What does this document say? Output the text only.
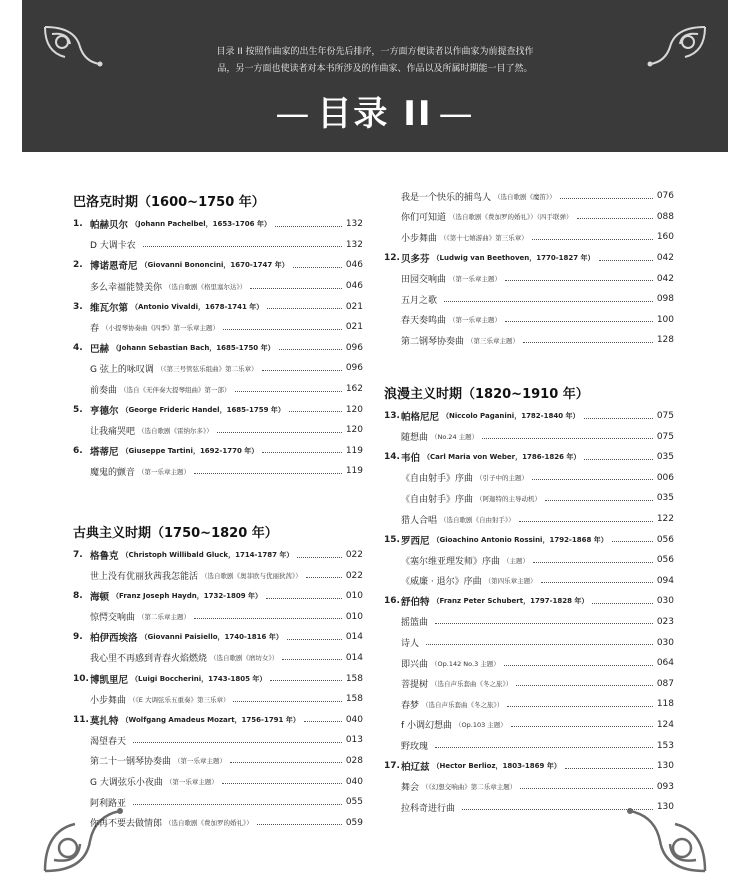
目录 II 按照作曲家的出生年份先后排序，一方面方便读者以作曲家为前提查找作
品，另一方面也使读者对本书所涉及的作曲家、作品以及所属时期能一目了然。
— 目录 II —
巴洛克时期（1600~1750 年）
1. 帕赫贝尔 （Johann Pachelbel，1653-1706 年）	132
D 大调卡农	132
2. 博诺恩奇尼 （Giovanni Bononcini，1670-1747 年）	046
多么幸福能赞美你 （选自歌剧《格里塞尔达》）	046
3. 维瓦尔第 （Antonio Vivaldi，1678-1741 年）	021
春 （小提琴协奏曲《四季》第一乐章主题）	021
4. 巴赫 （Johann Sebastian Bach，1685-1750 年）	096
G 弦上的咏叹调 （《第三号管弦乐组曲》第二乐章）	096
前奏曲 （选自《无伴奏大提琴组曲》第一部）	162
5. 亨德尔 （George Frideric Handel，1685-1759 年）	120
让我痛哭吧 （选自歌剧《雷纳尔多》）	120
6. 塔蒂尼 （Giuseppe Tartini，1692-1770 年）	119
魔鬼的颤音 （第一乐章主题）	119
古典主义时期（1750~1820 年）
7. 格鲁克 （Christoph Willibald Gluck，1714-1787 年）	022
世上没有优丽狄茜我怎能活 （选自歌剧《奥菲欧与优丽狄茜》）	022
8. 海顿 （Franz Joseph Haydn，1732-1809 年）	010
惊愕交响曲 （第二乐章主题）	010
9. 柏伊西埃洛 （Giovanni Paisiello，1740-1816 年）	014
我心里不再感到青春火焰燃烧 （选自歌剧《磨坊女》）	014
10. 博凯里尼 （Luigi Boccherini，1743-1805 年）	158
小步舞曲 （《E 大调弦乐五重奏》第三乐章）	158
11. 莫扎特 （Wolfgang Amadeus Mozart，1756-1791 年）	040
渴望春天	013
第二十一钢琴协奏曲 （第一乐章主题）	028
G 大调弦乐小夜曲 （第一乐章主题）	040
阿利路亚	055
你再不要去做情郎 （选自歌剧《费加罗的婚礼》）	059
我是一个快乐的捕鸟人 （选自歌剧《魔笛》）	076
你们可知道 （选自歌剧《费加罗的婚礼》）（四手联弹）	088
小步舞曲 （《第十七嬉游曲》第三乐章）	160
12. 贝多芬 （Ludwig van Beethoven，1770-1827 年）	042
田园交响曲 （第一乐章主题）	042
五月之歌	098
春天奏鸣曲 （第一乐章主题）	100
第二钢琴协奏曲 （第三乐章主题）	128
浪漫主义时期（1820~1910 年）
13. 帕格尼尼 （Niccolo Paganini，1782-1840 年）	075
随想曲 （No.24 主题）	075
14. 韦伯 （Carl Maria von Weber，1786-1826 年）	035
《自由射手》序曲 （引子中的主题）	006
《自由射手》序曲 （阿迦特的主导动机）	035
猎人合唱 （选自歌剧《自由射手》）	122
15. 罗西尼 （Gioachino Antonio Rossini，1792-1868 年）	056
《塞尔维亚理发师》序曲 （主题）	056
《威廉 · 退尔》序曲 （第四乐章主题）	094
16. 舒伯特 （Franz Peter Schubert，1797-1828 年）	030
摇篮曲	023
诗人	030
即兴曲 （Op.142 No.3 主题）	064
菩提树 （选自声乐套曲《冬之旅》）	087
春梦 （选自声乐套曲《冬之旅》）	118
f 小调幻想曲 （Op.103 主题）	124
野玫瑰	153
17. 柏辽兹 （Hector Berlioz，1803-1869 年）	130
舞会 （《幻想交响曲》第二乐章主题）	093
拉科奇进行曲	130
